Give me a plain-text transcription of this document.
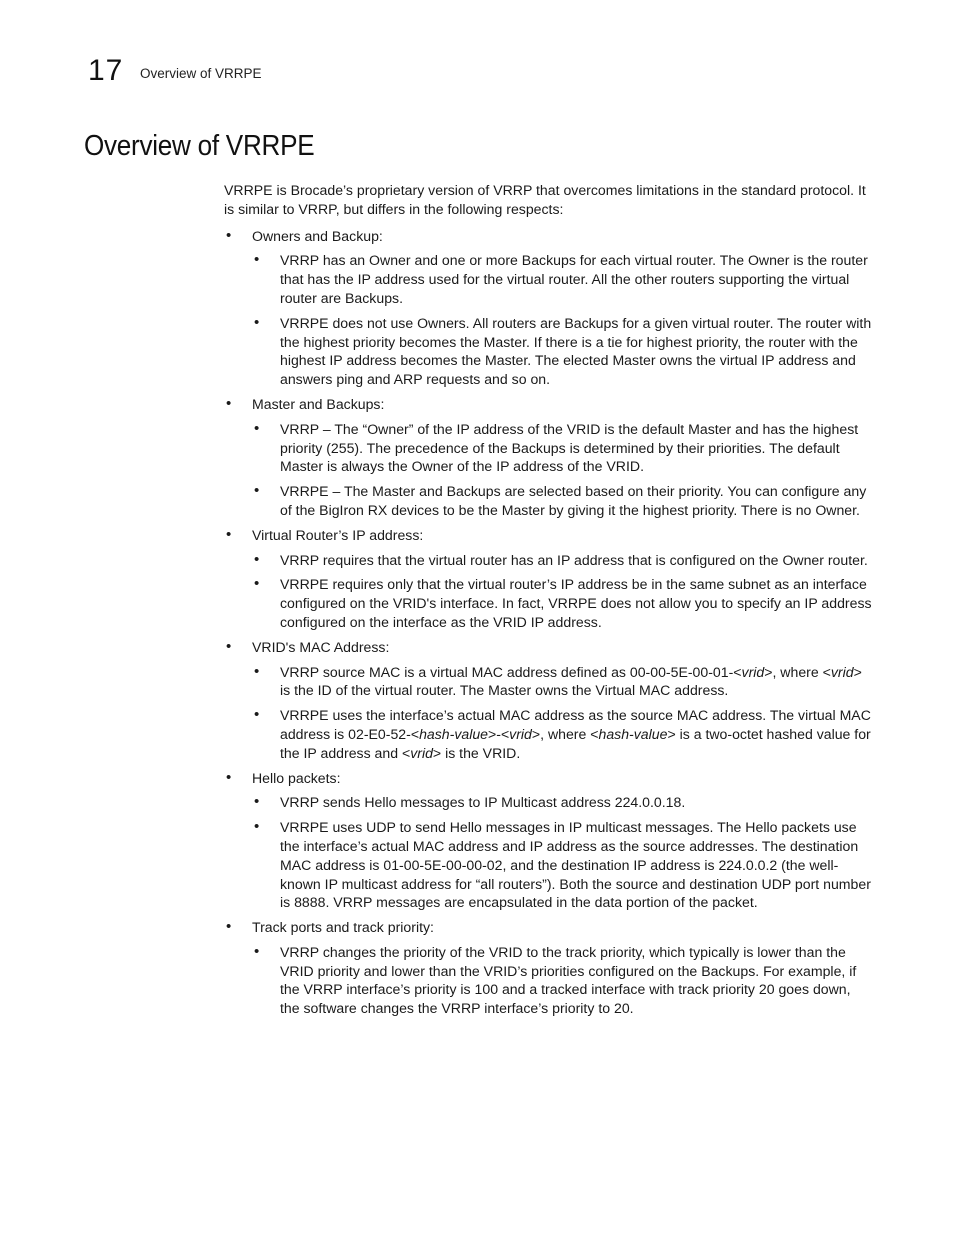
17 Overview of VRRPE
Overview of VRRPE

VRRPE is Brocade’s proprietary version of VRRP that overcomes limitations in the standard protocol. It is similar to VRRP, but differs in the following respects:

• Owners and Backup:
• VRRP has an Owner and one or more Backups for each virtual router. The Owner is the router that has the IP address used for the virtual router. All the other routers supporting the virtual router are Backups.
• VRRPE does not use Owners. All routers are Backups for a given virtual router. The router with the highest priority becomes the Master. If there is a tie for highest priority, the router with the highest IP address becomes the Master. The elected Master owns the virtual IP address and answers ping and ARP requests and so on.
• Master and Backups:
• VRRP – The “Owner” of the IP address of the VRID is the default Master and has the highest priority (255). The precedence of the Backups is determined by their priorities. The default Master is always the Owner of the IP address of the VRID.
• VRRPE – The Master and Backups are selected based on their priority. You can configure any of the BigIron RX devices to be the Master by giving it the highest priority. There is no Owner.
• Virtual Router’s IP address:
• VRRP requires that the virtual router has an IP address that is configured on the Owner router.
• VRRPE requires only that the virtual router’s IP address be in the same subnet as an interface configured on the VRID's interface. In fact, VRRPE does not allow you to specify an IP address configured on the interface as the VRID IP address.
• VRID's MAC Address:
• VRRP source MAC is a virtual MAC address defined as 00-00-5E-00-01-<vrid>, where <vrid> is the ID of the virtual router. The Master owns the Virtual MAC address.
• VRRPE uses the interface’s actual MAC address as the source MAC address. The virtual MAC address is 02-E0-52-<hash-value>-<vrid>, where <hash-value> is a two-octet hashed value for the IP address and <vrid> is the VRID.
• Hello packets:
• VRRP sends Hello messages to IP Multicast address 224.0.0.18.
• VRRPE uses UDP to send Hello messages in IP multicast messages. The Hello packets use the interface’s actual MAC address and IP address as the source addresses. The destination MAC address is 01-00-5E-00-00-02, and the destination IP address is 224.0.0.2 (the well-known IP multicast address for “all routers”). Both the source and destination UDP port number is 8888. VRRP messages are encapsulated in the data portion of the packet.
• Track ports and track priority:
• VRRP changes the priority of the VRID to the track priority, which typically is lower than the VRID priority and lower than the VRID’s priorities configured on the Backups. For example, if the VRRP interface’s priority is 100 and a tracked interface with track priority 20 goes down, the software changes the VRRP interface’s priority to 20.
